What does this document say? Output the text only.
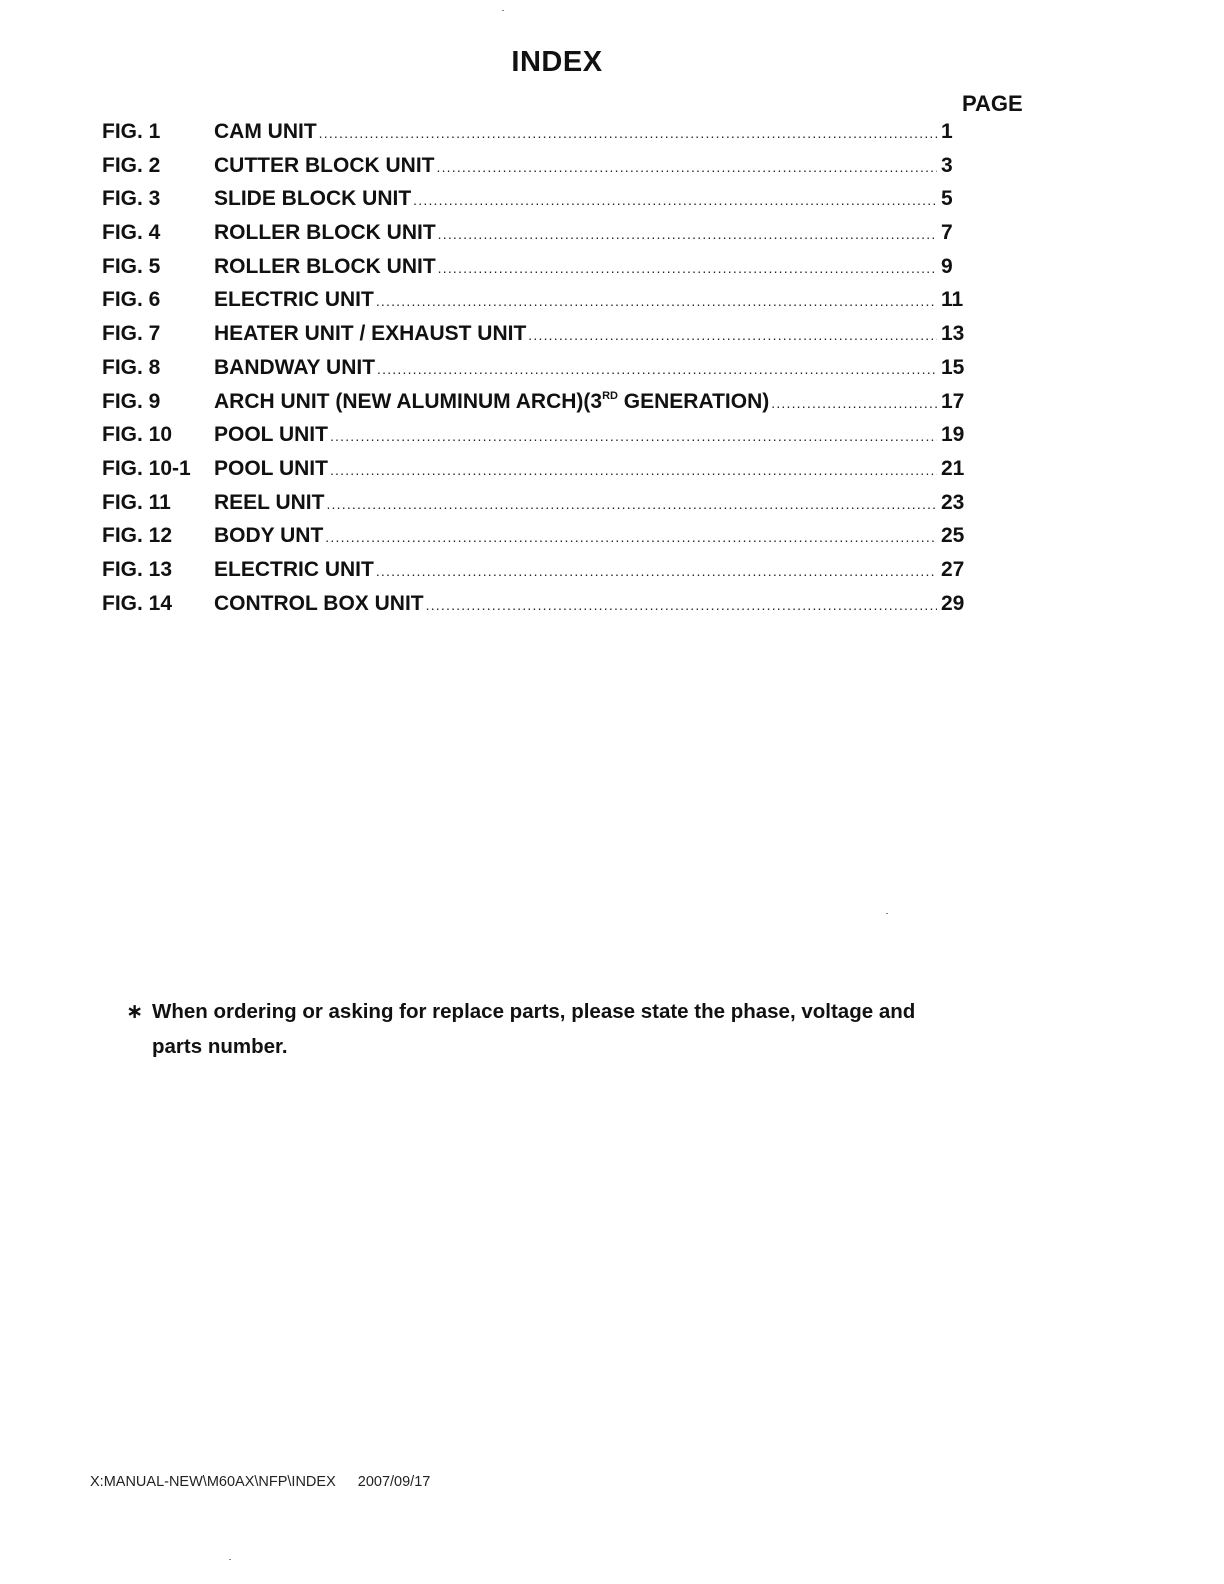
INDEX
PAGE
FIG. 1	CAM UNIT .....	1
FIG. 2	CUTTER BLOCK UNIT .....	3
FIG. 3	SLIDE BLOCK UNIT .....	5
FIG. 4	ROLLER BLOCK UNIT .....	7
FIG. 5	ROLLER BLOCK UNIT .....	9
FIG. 6	ELECTRIC UNIT .....	11
FIG. 7	HEATER UNIT / EXHAUST UNIT .....	13
FIG. 8	BANDWAY UNIT .....	15
FIG. 9	ARCH UNIT (NEW ALUMINUM ARCH)(3RD GENERATION) .....	17
FIG. 10	POOL UNIT .....	19
FIG. 10-1	POOL UNIT .....	21
FIG. 11	REEL UNIT .....	23
FIG. 12	BODY UNT .....	25
FIG. 13	ELECTRIC UNIT .....	27
FIG. 14	CONTROL BOX UNIT .....	29
∗ When ordering or asking for replace parts, please state the phase, voltage and
parts number.
X:MANUAL-NEW\M60AX\NFP\INDEX 2007/09/17
